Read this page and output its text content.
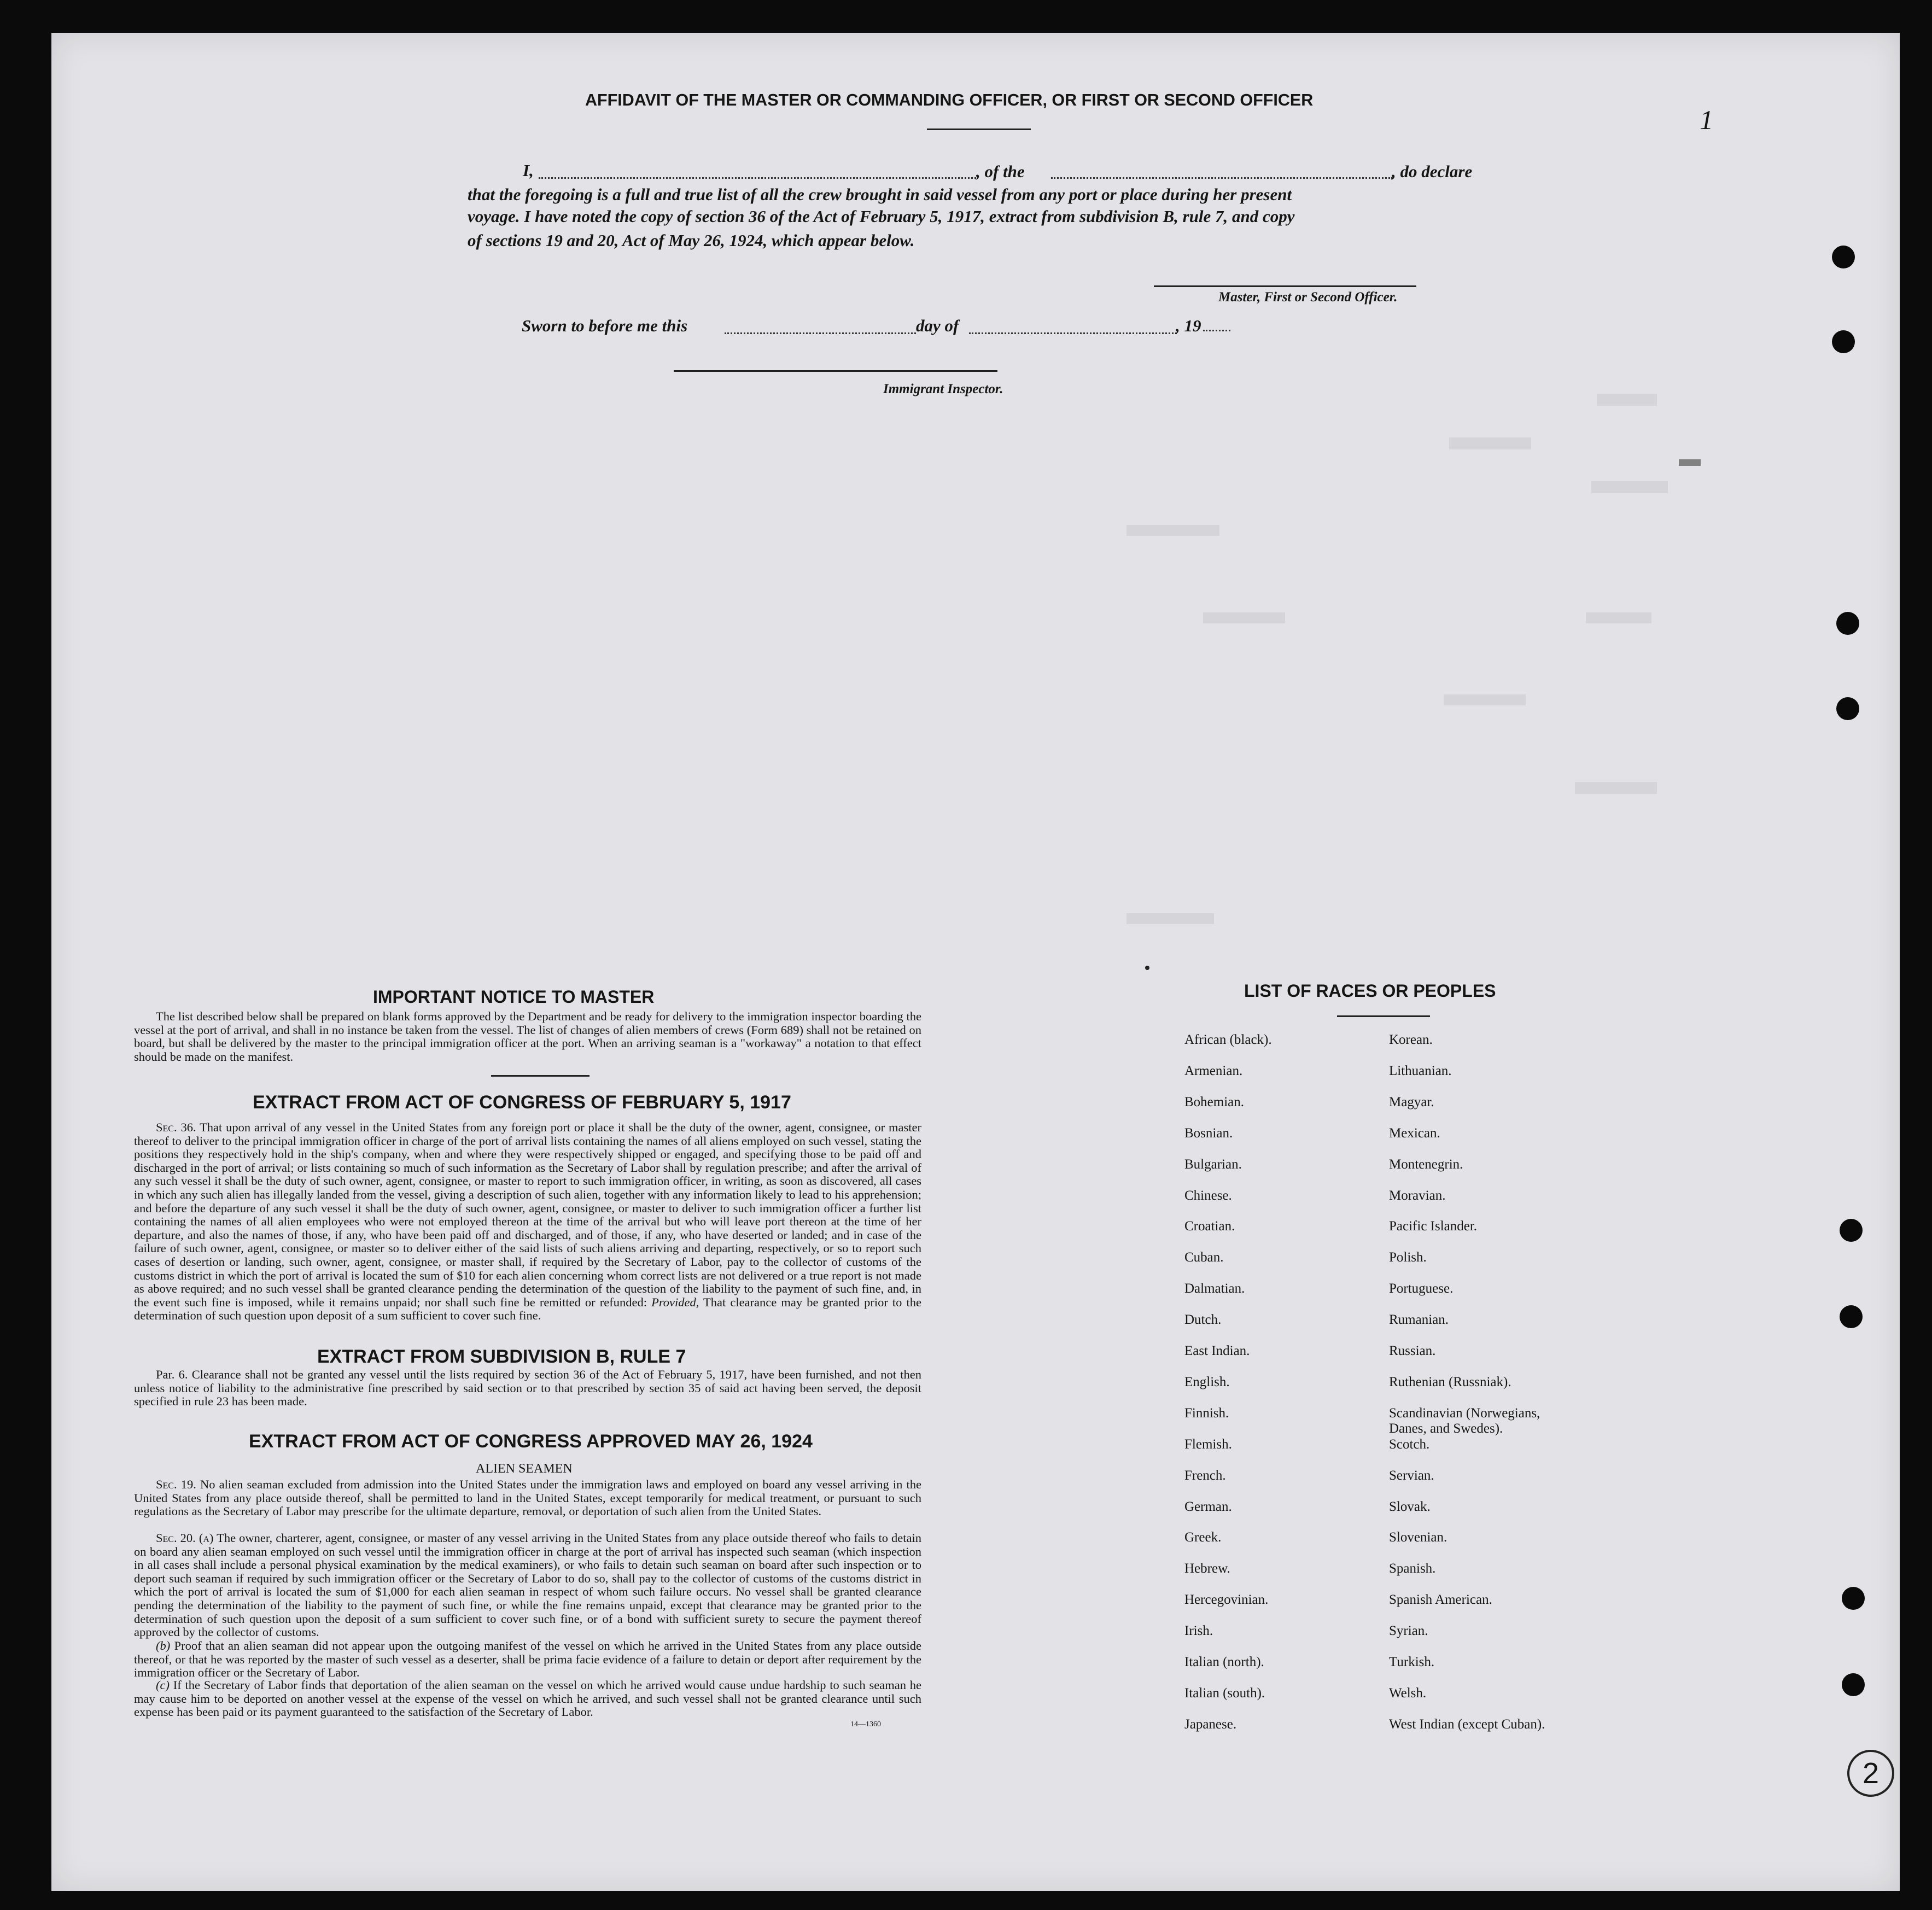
1
2
AFFIDAVIT OF THE MASTER OR COMMANDING OFFICER, OR FIRST OR SECOND OFFICER
I,	, of the	, do declare
that the foregoing is a full and true list of all the crew brought in said vessel from any port or place during her present
voyage. I have noted the copy of section 36 of the Act of February 5, 1917, extract from subdivision B, rule 7, and copy
of sections 19 and 20, Act of May 26, 1924, which appear below.
Master, First or Second Officer.
Sworn to before me this	day of	, 19
Immigrant Inspector.
IMPORTANT NOTICE TO MASTER
The list described below shall be prepared on blank forms approved by the Department and be ready for delivery to the immigration inspector boarding the vessel at the port of arrival, and shall in no instance be taken from the vessel. The list of changes of alien members of crews (Form 689) shall not be retained on board, but shall be delivered by the master to the principal immigration officer at the port. When an arriving seaman is a "workaway" a notation to that effect should be made on the manifest.
EXTRACT FROM ACT OF CONGRESS OF FEBRUARY 5, 1917
Sec. 36. That upon arrival of any vessel in the United States from any foreign port or place it shall be the duty of the owner, agent, consignee, or master thereof to deliver to the principal immigration officer in charge of the port of arrival lists containing the names of all aliens employed on such vessel, stating the positions they respectively hold in the ship's company, when and where they were respectively shipped or engaged, and specifying those to be paid off and discharged in the port of arrival; or lists containing so much of such information as the Secretary of Labor shall by regulation prescribe; and after the arrival of any such vessel it shall be the duty of such owner, agent, consignee, or master to report to such immigration officer, in writing, as soon as discovered, all cases in which any such alien has illegally landed from the vessel, giving a description of such alien, together with any information likely to lead to his apprehension; and before the departure of any such vessel it shall be the duty of such owner, agent, consignee, or master to deliver to such immigration officer a further list containing the names of all alien employees who were not employed thereon at the time of the arrival but who will leave port thereon at the time of her departure, and also the names of those, if any, who have been paid off and discharged, and of those, if any, who have deserted or landed; and in case of the failure of such owner, agent, consignee, or master so to deliver either of the said lists of such aliens arriving and departing, respectively, or so to report such cases of desertion or landing, such owner, agent, consignee, or master shall, if required by the Secretary of Labor, pay to the collector of customs of the customs district in which the port of arrival is located the sum of $10 for each alien concerning whom correct lists are not delivered or a true report is not made as above required; and no such vessel shall be granted clearance pending the determination of the question of the liability to the payment of such fine, and, in the event such fine is imposed, while it remains unpaid; nor shall such fine be remitted or refunded: Provided, That clearance may be granted prior to the determination of such question upon deposit of a sum sufficient to cover such fine.
EXTRACT FROM SUBDIVISION B, RULE 7
Par. 6. Clearance shall not be granted any vessel until the lists required by section 36 of the Act of February 5, 1917, have been furnished, and not then unless notice of liability to the administrative fine prescribed by said section or to that prescribed by section 35 of said act having been served, the deposit specified in rule 23 has been made.
EXTRACT FROM ACT OF CONGRESS APPROVED MAY 26, 1924
ALIEN SEAMEN
Sec. 19. No alien seaman excluded from admission into the United States under the immigration laws and employed on board any vessel arriving in the United States from any place outside thereof, shall be permitted to land in the United States, except temporarily for medical treatment, or pursuant to such regulations as the Secretary of Labor may prescribe for the ultimate departure, removal, or deportation of such alien from the United States.
Sec. 20. (a) The owner, charterer, agent, consignee, or master of any vessel arriving in the United States from any place outside thereof who fails to detain on board any alien seaman employed on such vessel until the immigration officer in charge at the port of arrival has inspected such seaman (which inspection in all cases shall include a personal physical examination by the medical examiners), or who fails to detain such seaman on board after such inspection or to deport such seaman if required by such immigration officer or the Secretary of Labor to do so, shall pay to the collector of customs of the customs district in which the port of arrival is located the sum of $1,000 for each alien seaman in respect of whom such failure occurs. No vessel shall be granted clearance pending the determination of the liability to the payment of such fine, or while the fine remains unpaid, except that clearance may be granted prior to the determination of such question upon the deposit of a sum sufficient to cover such fine, or of a bond with sufficient surety to secure the payment thereof approved by the collector of customs.
(b) Proof that an alien seaman did not appear upon the outgoing manifest of the vessel on which he arrived in the United States from any place outside thereof, or that he was reported by the master of such vessel as a deserter, shall be prima facie evidence of a failure to detain or deport after requirement by the immigration officer or the Secretary of Labor.
(c) If the Secretary of Labor finds that deportation of the alien seaman on the vessel on which he arrived would cause undue hardship to such seaman he may cause him to be deported on another vessel at the expense of the vessel on which he arrived, and such vessel shall not be granted clearance until such expense has been paid or its payment guaranteed to the satisfaction of the Secretary of Labor.
14—1360
LIST OF RACES OR PEOPLES
African (black).
Armenian.
Bohemian.
Bosnian.
Bulgarian.
Chinese.
Croatian.
Cuban.
Dalmatian.
Dutch.
East Indian.
English.
Finnish.
Flemish.
French.
German.
Greek.
Hebrew.
Hercegovinian.
Irish.
Italian (north).
Italian (south).
Japanese.
Korean.
Lithuanian.
Magyar.
Mexican.
Montenegrin.
Moravian.
Pacific Islander.
Polish.
Portuguese.
Rumanian.
Russian.
Ruthenian (Russniak).
Scandinavian (Norwegians,
Danes, and Swedes).
Scotch.
Servian.
Slovak.
Slovenian.
Spanish.
Spanish American.
Syrian.
Turkish.
Welsh.
West Indian (except Cuban).
